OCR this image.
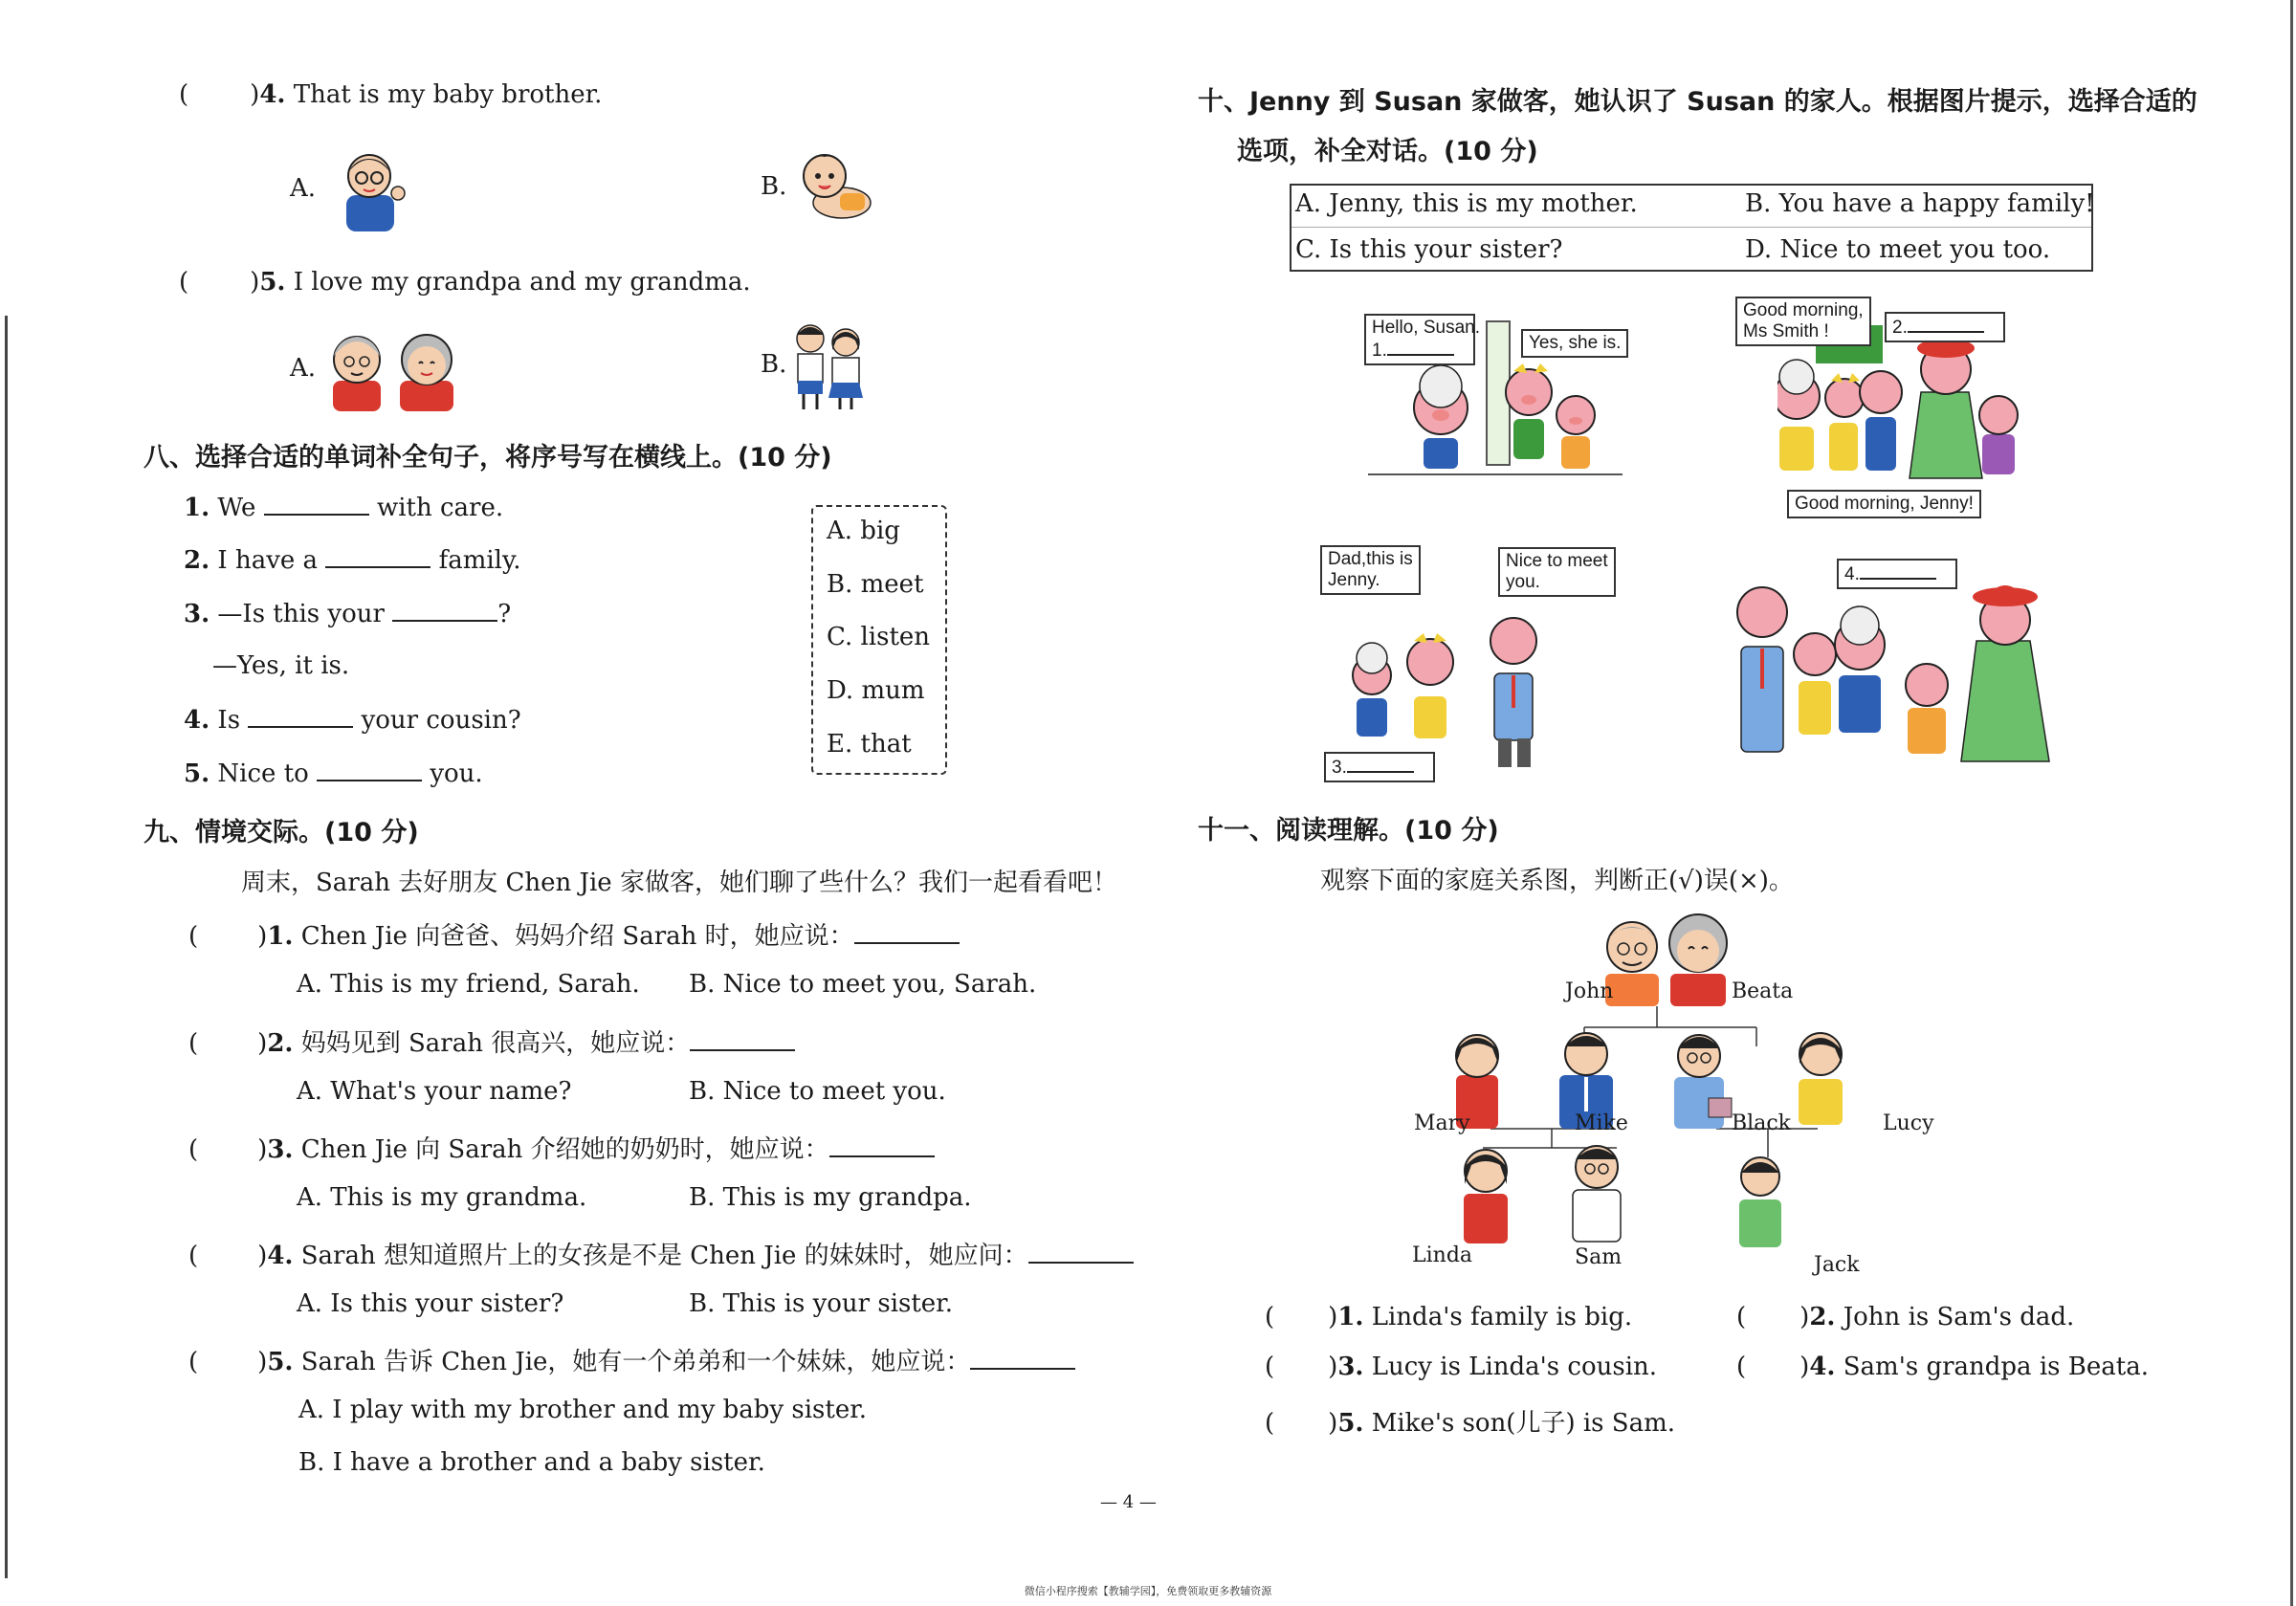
( )4. That is my baby brother.
A.	B.
( )5. I love my grandpa and my grandma.
A.	B.
八、选择合适的单词补全句子，将序号写在横线上。(10 分)
1. We	with care.
2. I have a	family.
3. —Is this your	?
—Yes, it is.
4. Is	your cousin?
5. Nice to	you.
A. big
B. meet
C. listen
D. mum
E. that
九、情境交际。(10 分)
周末，Sarah 去好朋友 Chen Jie 家做客，她们聊了些什么？我们一起看看吧！
( )1. Chen Jie 向爸爸、妈妈介绍 Sarah 时，她应说：
A. This is my friend, Sarah. B. Nice to meet you, Sarah.
( )2. 妈妈见到 Sarah 很高兴，她应说：
A. What's your name?	B. Nice to meet you.
( )3. Chen Jie 向 Sarah 介绍她的奶奶时，她应说：
A. This is my grandma.	B. This is my grandpa.
( )4. Sarah 想知道照片上的女孩是不是 Chen Jie 的妹妹时，她应问：
A. Is this your sister?	B. This is your sister.
( )5. Sarah 告诉 Chen Jie，她有一个弟弟和一个妹妹，她应说：
A. I play with my brother and my baby sister.
B. I have a brother and a baby sister.
十、Jenny 到 Susan 家做客，她认识了 Susan 的家人。根据图片提示，选择合适的
选项，补全对话。(10 分)
A. Jenny, this is my mother.	B. You have a happy family!
C. Is this your sister?	D. Nice to meet you too.
Hello, Susan.
1.	Yes, she is.
Good morning,
Ms Smith !	2.
Good morning, Jenny!
Dad,this is
Jenny.
Nice to meet
you.
3.
4.
十一、阅读理解。(10 分)
观察下面的家庭关系图，判断正(√)误(×)。
John	Beata
Mary	Mike	Black	Lucy
Linda	Sam	Jack
( )1. Linda's family is big.	( )2. John is Sam's dad.
( )3. Lucy is Linda's cousin.	( )4. Sam's grandpa is Beata.
( )5. Mike's son(儿子) is Sam.
— 4 —
微信小程序搜索【教辅学园】，免费领取更多教辅资源
